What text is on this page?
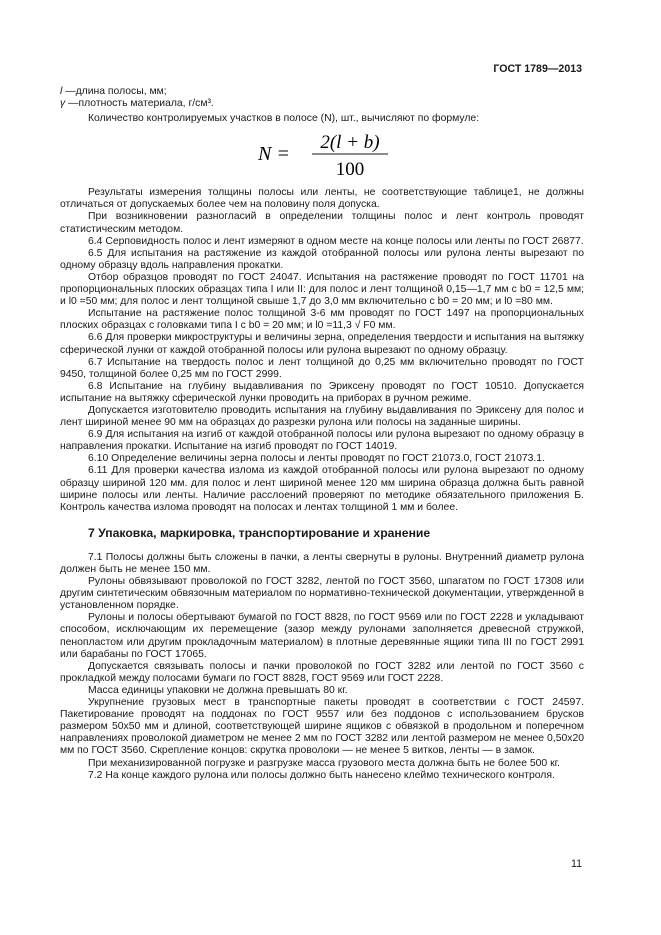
ГОСТ 1789—2013

l —длина полосы, мм;

γ —плотность материала, г/см³.

Количество контролируемых участков в полосе (N), шт., вычисляют по формуле:

N =
2(l + b)
100

Результаты измерения толщины полосы или ленты, не соответствующие таблице1, не должны отличаться от допускаемых более чем на половину поля допуска.

При возникновении разногласий в определении толщины полос и лент контроль проводят статистическим методом.

6.4 Серповидность полос и лент измеряют в одном месте на конце полосы или ленты по ГОСТ 26877.

6.5 Для испытания на растяжение из каждой отобранной полосы или рулона ленты вырезают по одному образцу вдоль направления прокатки.

Отбор образцов проводят по ГОСТ 24047. Испытания на растяжение проводят по ГОСТ 11701 на пропорциональных плоских образцах типа I или II: для полос и лент толщиной 0,15—1,7 мм с b0 = 12,5 мм; и l0 =50 мм; для полос и лент толщиной свыше 1,7 до 3,0 мм включительно с b0 = 20 мм; и l0 =80 мм.

Испытание на растяжение полос толщиной 3-6 мм проводят по ГОСТ 1497 на пропорциональных плоских образцах с головками типа I с b0 = 20 мм; и l0 =11,3 √ F0 мм.

6.6 Для проверки микроструктуры и величины зерна, определения твердости и испытания на вытяжку сферической лунки от каждой отобранной полосы или рулона вырезают по одному образцу.

6.7 Испытание на твердость полос и лент толщиной до 0,25 мм включительно проводят по ГОСТ 9450, толщиной более 0,25 мм по ГОСТ 2999.

6.8 Испытание на глубину выдавливания по Эриксену проводят по ГОСТ 10510. Допускается испытание на вытяжку сферической лунки проводить на приборах в ручном режиме.

Допускается изготовителю проводить испытания на глубину выдавливания по Эриксену для полос и лент шириной менее 90 мм на образцах до разрезки рулона или полосы на заданные ширины.

6.9 Для испытания на изгиб от каждой отобранной полосы или рулона вырезают по одному образцу в направления прокатки. Испытание на изгиб проводят по ГОСТ 14019.

6.10 Определение величины зерна полосы и ленты проводят по ГОСТ 21073.0, ГОСТ 21073.1.

6.11 Для проверки качества излома из каждой отобранной полосы или рулона вырезают по одному образцу шириной 120 мм. для полос и лент шириной менее 120 мм ширина образца должна быть равной ширине полосы или ленты. Наличие расслоений проверяют по методике обязательного приложения Б. Контроль качества излома проводят на полосах и лентах толщиной 1 мм и более.

7 Упаковка, маркировка, транспортирование и хранение

7.1 Полосы должны быть сложены в пачки, а ленты свернуты в рулоны. Внутренний диаметр рулона должен быть не менее 150 мм.

Рулоны обвязывают проволокой по ГОСТ 3282, лентой по ГОСТ 3560, шпагатом по ГОСТ 17308 или другим синтетическим обвязочным материалом по нормативно-технической документации, утвержденной в установленном порядке.

Рулоны и полосы обертывают бумагой по ГОСТ 8828, по ГОСТ 9569 или по ГОСТ 2228 и укладывают способом, исключающим их перемещение (зазор между рулонами заполняется древесной стружкой, пенопластом или другим прокладочным материалом) в плотные деревянные ящики типа III по ГОСТ 2991 или барабаны по ГОСТ 17065.

Допускается связывать полосы и пачки проволокой по ГОСТ 3282 или лентой по ГОСТ 3560 с прокладкой между полосами бумаги по ГОСТ 8828, ГОСТ 9569 или ГОСТ 2228.

Масса единицы упаковки не должна превышать 80 кг.

Укрупнение грузовых мест в транспортные пакеты проводят в соответствии с ГОСТ 24597. Пакетирование проводят на поддонах по ГОСТ 9557 или без поддонов с использованием брусков размером 50х50 мм и длиной, соответствующей ширине ящиков с обвязкой в продольном и поперечном направлениях проволокой диаметром не менее 2 мм по ГОСТ 3282 или лентой размером не менее 0,50х20 мм по ГОСТ 3560. Скрепление концов: скрутка проволоки — не менее 5 витков, ленты — в замок.

При механизированной погрузке и разгрузке масса грузового места должна быть не более 500 кг.

7.2 На конце каждого рулона или полосы должно быть нанесено клеймо технического контроля.

11
